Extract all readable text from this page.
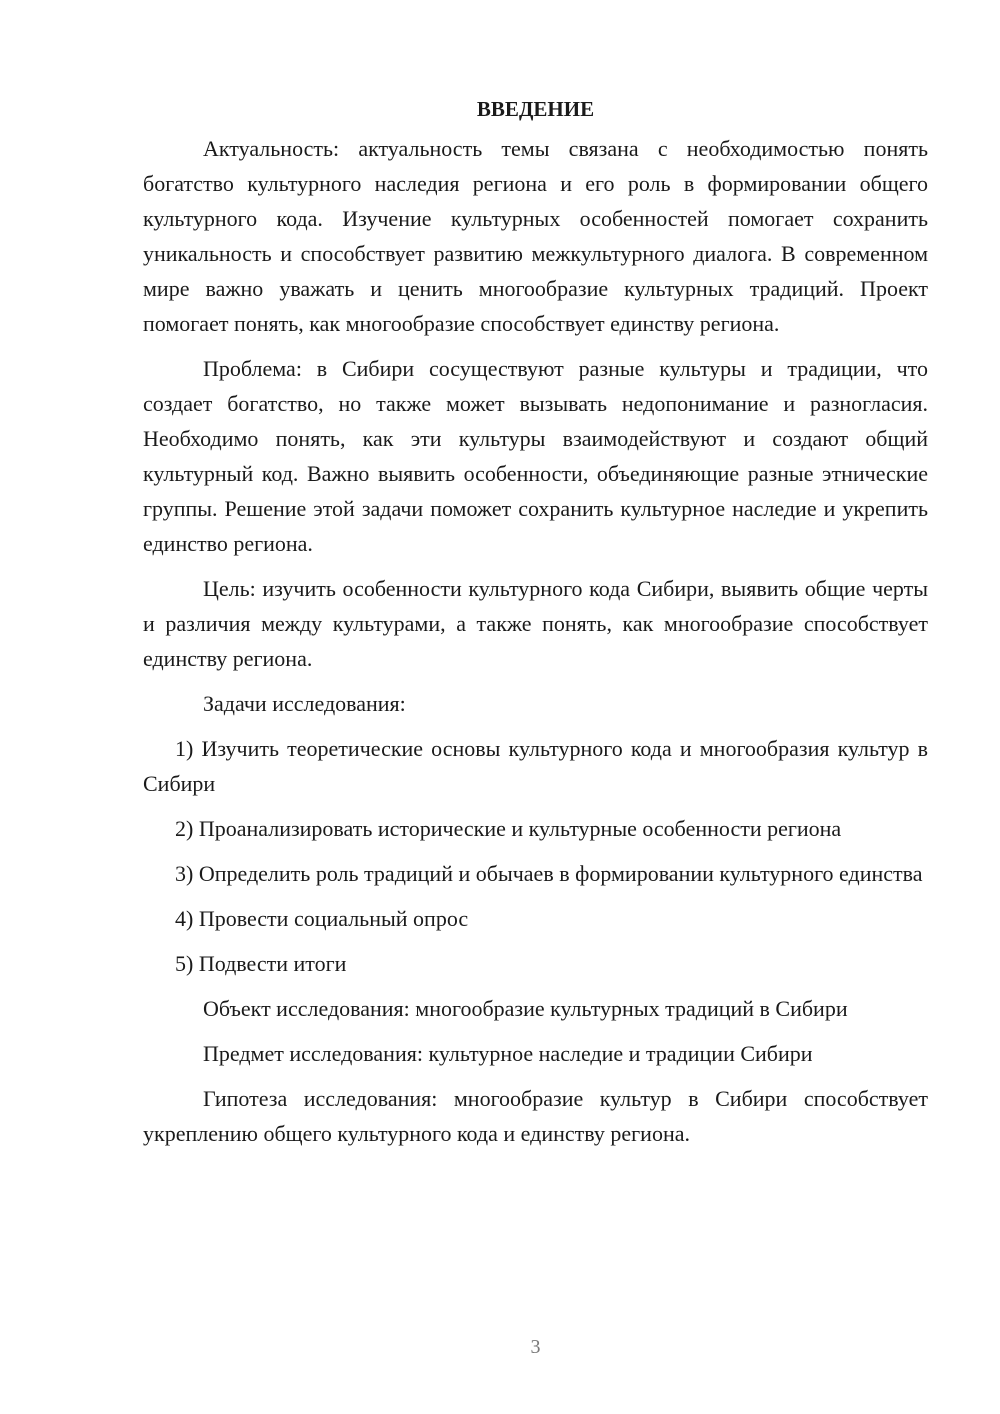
ВВЕДЕНИЕ

Актуальность: актуальность темы связана с необходимостью понять богатство культурного наследия региона и его роль в формировании общего культурного кода. Изучение культурных особенностей помогает сохранить уникальность и способствует развитию межкультурного диалога. В современном мире важно уважать и ценить многообразие культурных традиций. Проект помогает понять, как многообразие способствует единству региона.

Проблема: в Сибири сосуществуют разные культуры и традиции, что создает богатство, но также может вызывать недопонимание и разногласия. Необходимо понять, как эти культуры взаимодействуют и создают общий культурный код. Важно выявить особенности, объединяющие разные этнические группы. Решение этой задачи поможет сохранить культурное наследие и укрепить единство региона.

Цель: изучить особенности культурного кода Сибири, выявить общие черты и различия между культурами, а также понять, как многообразие способствует единству региона.

Задачи исследования:

1) Изучить теоретические основы культурного кода и многообразия культур в Сибири

2) Проанализировать исторические и культурные особенности региона

3) Определить роль традиций и обычаев в формировании культурного единства

4) Провести социальный опрос

5) Подвести итоги

Объект исследования: многообразие культурных традиций в Сибири

Предмет исследования: культурное наследие и традиции Сибири

Гипотеза исследования: многообразие культур в Сибири способствует укреплению общего культурного кода и единству региона.

3
